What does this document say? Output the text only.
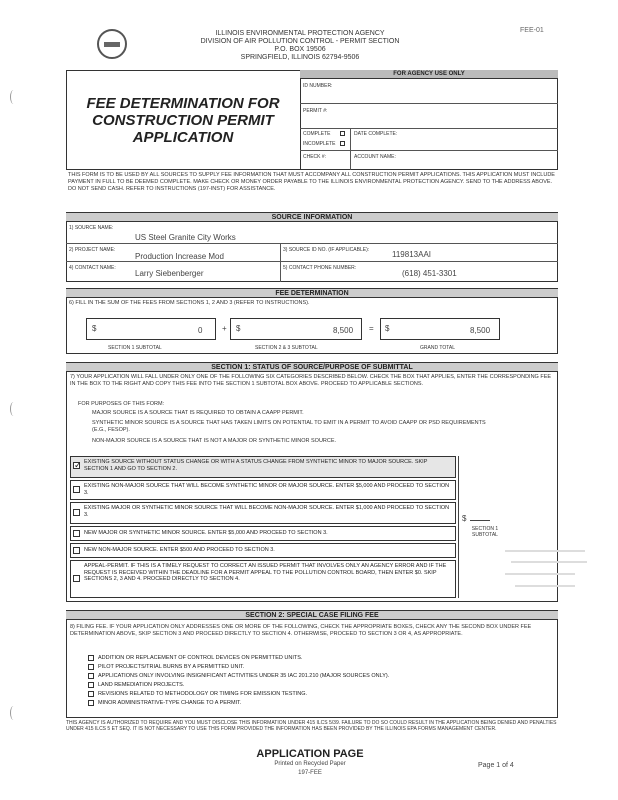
ILLINOIS ENVIRONMENTAL PROTECTION AGENCY
DIVISION OF AIR POLLUTION CONTROL - PERMIT SECTION
P.O. BOX 19506
SPRINGFIELD, ILLINOIS 62794-9506
FEE-01
FEE DETERMINATION FOR CONSTRUCTION PERMIT APPLICATION
FOR AGENCY USE ONLY
ID NUMBER:
PERMIT #:
COMPLETE
INCOMPLETE
DATE COMPLETE:
CHECK #:	ACCOUNT NAME:
THIS FORM IS TO BE USED BY ALL SOURCES TO SUPPLY FEE INFORMATION THAT MUST ACCOMPANY ALL CONSTRUCTION PERMIT APPLICATIONS. THIS APPLICATION MUST INCLUDE PAYMENT IN FULL TO BE DEEMED COMPLETE. MAKE CHECK OR MONEY ORDER PAYABLE TO THE ILLINOIS ENVIRONMENTAL PROTECTION AGENCY. SEND TO THE ADDRESS ABOVE. DO NOT SEND CASH. REFER TO INSTRUCTIONS (197-INST) FOR ASSISTANCE.
SOURCE INFORMATION
1) SOURCE NAME:
US Steel Granite City Works
2) PROJECT NAME:
Production Increase Mod
3) SOURCE ID NO. (IF APPLICABLE):	119813AAI
4) CONTACT NAME:
Larry Siebenberger
5) CONTACT PHONE NUMBER:
(618) 451-3301
FEE DETERMINATION
6) FILL IN THE SUM OF THE FEES FROM SECTIONS 1, 2 AND 3 (REFER TO INSTRUCTIONS).
$	0 + $	8,500 = $	8,500
SECTION 1 SUBTOTAL	SECTION 2 & 3 SUBTOTAL	GRAND TOTAL
SECTION 1: STATUS OF SOURCE/PURPOSE OF SUBMITTAL
7) YOUR APPLICATION WILL FALL UNDER ONLY ONE OF THE FOLLOWING SIX CATEGORIES DESCRIBED BELOW. CHECK THE BOX THAT APPLIES, ENTER THE CORRESPONDING FEE IN THE BOX TO THE RIGHT AND COPY THIS FEE INTO THE SECTION 1 SUBTOTAL BOX ABOVE. PROCEED TO APPLICABLE SECTIONS.
FOR PURPOSES OF THIS FORM:
MAJOR SOURCE IS A SOURCE THAT IS REQUIRED TO OBTAIN A CAAPP PERMIT.
SYNTHETIC MINOR SOURCE IS A SOURCE THAT HAS TAKEN LIMITS ON POTENTIAL TO EMIT IN A PERMIT TO AVOID CAAPP OR PSD REQUIREMENTS (E.G., FESOP).
NON-MAJOR SOURCE IS A SOURCE THAT IS NOT A MAJOR OR SYNTHETIC MINOR SOURCE.
✓ EXISTING SOURCE WITHOUT STATUS CHANGE OR WITH A STATUS CHANGE FROM SYNTHETIC MINOR TO MAJOR SOURCE. SKIP SECTION 1 AND GO TO SECTION 2.
EXISTING NON-MAJOR SOURCE THAT WILL BECOME SYNTHETIC MINOR OR MAJOR SOURCE. ENTER $5,000 AND PROCEED TO SECTION 3.
EXISTING MAJOR OR SYNTHETIC MINOR SOURCE THAT WILL BECOME NON-MAJOR SOURCE. ENTER $1,000 AND PROCEED TO SECTION 3.
NEW MAJOR OR SYNTHETIC MINOR SOURCE. ENTER $5,000 AND PROCEED TO SECTION 3.
NEW NON-MAJOR SOURCE. ENTER $500 AND PROCEED TO SECTION 3.
APPEAL-PERMIT. IF THIS IS A TIMELY REQUEST TO CORRECT AN ISSUED PERMIT THAT INVOLVES ONLY AN AGENCY ERROR AND IF THE REQUEST IS RECEIVED WITHIN THE DEADLINE FOR A PERMIT APPEAL TO THE POLLUTION CONTROL BOARD, THEN ENTER $0. SKIP SECTIONS 2, 3 AND 4. PROCEED DIRECTLY TO SECTION 4.
$
SECTION 1 SUBTOTAL
SECTION 2: SPECIAL CASE FILING FEE
8) FILING FEE. IF YOUR APPLICATION ONLY ADDRESSES ONE OR MORE OF THE FOLLOWING, CHECK THE APPROPRIATE BOXES, CHECK ANY THE SECOND BOX UNDER FEE DETERMINATION ABOVE, SKIP SECTION 3 AND PROCEED DIRECTLY TO SECTION 4. OTHERWISE, PROCEED TO SECTION 3 OR 4, AS APPROPRIATE.
ADDITION OR REPLACEMENT OF CONTROL DEVICES ON PERMITTED UNITS.
PILOT PROJECTS/TRIAL BURNS BY A PERMITTED UNIT.
APPLICATIONS ONLY INVOLVING INSIGNIFICANT ACTIVITIES UNDER 35 IAC 201.210 (MAJOR SOURCES ONLY).
LAND REMEDIATION PROJECTS.
REVISIONS RELATED TO METHODOLOGY OR TIMING FOR EMISSION TESTING.
MINOR ADMINISTRATIVE-TYPE CHANGE TO A PERMIT.
THIS AGENCY IS AUTHORIZED TO REQUIRE AND YOU MUST DISCLOSE THIS INFORMATION UNDER 415 ILCS 5/39. FAILURE TO DO SO COULD RESULT IN THE APPLICATION BEING DENIED AND PENALTIES UNDER 415 ILCS 5 ET SEQ. IT IS NOT NECESSARY TO USE THIS FORM PROVIDED THE INFORMATION HAS BEEN PROVIDED BY THE ILLINOIS EPA FORMS MANAGEMENT CENTER.
APPLICATION PAGE
Printed on Recycled Paper
197-FEE
Page 1 of 4
